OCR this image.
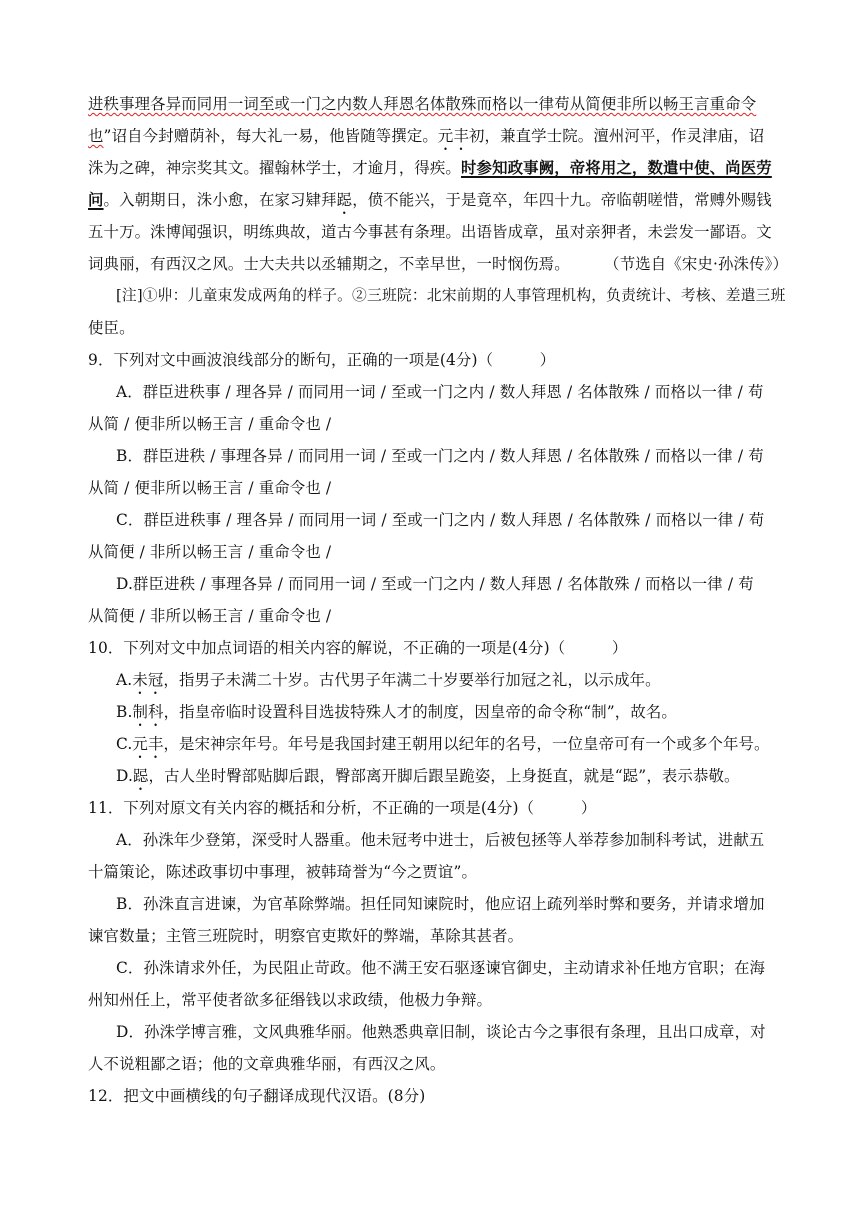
进秩事理各异而同用一词至或一门之内数人拜恩名体散殊而格以一律苟从简便非所以畅王言重命令
也”诏自今封赠荫补，每大礼一易，他皆随等撰定。元丰初，兼直学士院。澶州河平，作灵津庙，诏
洙为之碑，神宗奖其文。擢翰林学士，才逾月，得疾。时参知政事阙，帝将用之，数遣中使、尚医劳
问。入朝期日，洙小愈，在家习肄拜跽，偾不能兴，于是竟卒，年四十九。帝临朝嗟惜，常赙外赐钱
五十万。洙博闻强识，明练典故，道古今事甚有条理。出语皆成章，虽对亲狎者，未尝发一鄙语。文
词典丽，有西汉之风。士大夫共以丞辅期之，不幸早世，一时悯伤焉。 （节选自《宋史·孙洙传》）
[注]①丱：儿童束发成两角的样子。②三班院：北宋前期的人事管理机构，负责统计、考核、差遣三班
使臣。
9．下列对文中画波浪线部分的断句，正确的一项是(4分)（　　　）
A．群臣进秩事 / 理各异 / 而同用一词 / 至或一门之内 / 数人拜恩 / 名体散殊 / 而格以一律 / 苟
从简 / 便非所以畅王言 / 重命令也 /
B．群臣进秩 / 事理各异 / 而同用一词 / 至或一门之内 / 数人拜恩 / 名体散殊 / 而格以一律 / 苟
从简 / 便非所以畅王言 / 重命令也 /
C．群臣进秩事 / 理各异 / 而同用一词 / 至或一门之内 / 数人拜恩 / 名体散殊 / 而格以一律 / 苟
从简便 / 非所以畅王言 / 重命令也 /
D.群臣进秩 / 事理各异 / 而同用一词 / 至或一门之内 / 数人拜恩 / 名体散殊 / 而格以一律 / 苟
从简便 / 非所以畅王言 / 重命令也 /
10．下列对文中加点词语的相关内容的解说，不正确的一项是(4分)（　　　）
A.未冠，指男子未满二十岁。古代男子年满二十岁要举行加冠之礼，以示成年。
B.制科，指皇帝临时设置科目选拔特殊人才的制度，因皇帝的命令称“制”，故名。
C.元丰，是宋神宗年号。年号是我国封建王朝用以纪年的名号，一位皇帝可有一个或多个年号。
D.跽，古人坐时臀部贴脚后跟，臀部离开脚后跟呈跪姿，上身挺直，就是“跽”，表示恭敬。
11．下列对原文有关内容的概括和分析，不正确的一项是(4分)（　　　）
A．孙洙年少登第，深受时人器重。他未冠考中进士，后被包拯等人举荐参加制科考试，进献五
十篇策论，陈述政事切中事理，被韩琦誉为“今之贾谊”。
B．孙洙直言进谏，为官革除弊端。担任同知谏院时，他应诏上疏列举时弊和要务，并请求增加
谏官数量；主管三班院时，明察官吏欺奸的弊端，革除其甚者。
C．孙洙请求外任，为民阻止苛政。他不满王安石驱逐谏官御史，主动请求补任地方官职；在海
州知州任上，常平使者欲多征缗钱以求政绩，他极力争辩。
D．孙洙学博言雅，文风典雅华丽。他熟悉典章旧制，谈论古今之事很有条理，且出口成章，对
人不说粗鄙之语；他的文章典雅华丽，有西汉之风。
12．把文中画横线的句子翻译成现代汉语。(8分)
